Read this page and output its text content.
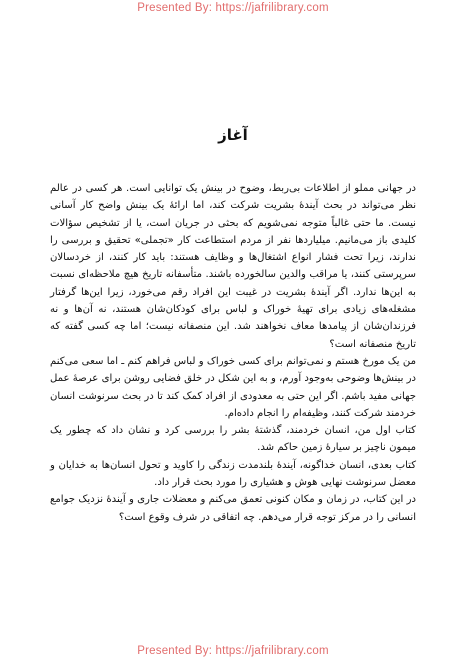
Presented By: https://jafrilibrary.com
آغاز

در جهانی مملو از اطلاعات بی‌ربط، وضوح در بینش یک توانایی است. هر کسی در عالم نظر می‌تواند در بحث آیندۀ بشریت شرکت کند، اما ارائۀ یک بینش واضح کار آسانی نیست. ما حتی غالباً متوجه نمی‌شویم که بحثی در جریان است، یا از تشخیص سؤالات کلیدی باز می‌مانیم. میلیاردها نفر از مردم استطاعت کار «تجملی» تحقیق و بررسی را ندارند، زیرا تحت فشار انواع اشتغال‌ها و وظایف هستند: باید کار کنند، از خردسالان سرپرستی کنند، یا مراقب والدین سالخورده باشند. متأسفانه تاریخ هیچ ملاحظه‌ای نسبت به این‌ها ندارد. اگر آیندۀ بشریت در غیبت این افراد رقم می‌خورد، زیرا این‌ها گرفتار مشغله‌های زیادی برای تهیۀ خوراک و لباس برای کودکان‌شان هستند، نه آن‌ها و نه فرزندان‌شان از پیامدها معاف نخواهند شد. این منصفانه نیست؛ اما چه کسی گفته که تاریخ منصفانه است؟

من یک مورخ هستم و نمی‌توانم برای کسی خوراک و لباس فراهم کنم ـ اما سعی می‌کنم در بینش‌ها وضوحی به‌وجود آورم، و به این شکل در خلق فضایی روشن برای عرصۀ عمل جهانی مفید باشم. اگر این حتی به معدودی از افراد کمک کند تا در بحث سرنوشت انسان خردمند شرکت کنند، وظیفه‌ام را انجام داده‌ام.

کتاب اول من، انسان خردمند، گذشتۀ بشر را بررسی کرد و نشان داد که چطور یک میمون ناچیز بر سیارۀ زمین حاکم شد.

کتاب بعدی، انسان خداگونه، آیندۀ بلندمدت زندگی را کاوید و تحول انسان‌ها به خدایان و معضل سرنوشت نهایی هوش و هشیاری را مورد بحث قرار داد.

در این کتاب، در زمان و مکان کنونی تعمق می‌کنم و معضلات جاری و آیندۀ نزدیک جوامع انسانی را در مرکز توجه قرار می‌دهم. چه اتفاقی در شرف وقوع است؟

Presented By: https://jafrilibrary.com
